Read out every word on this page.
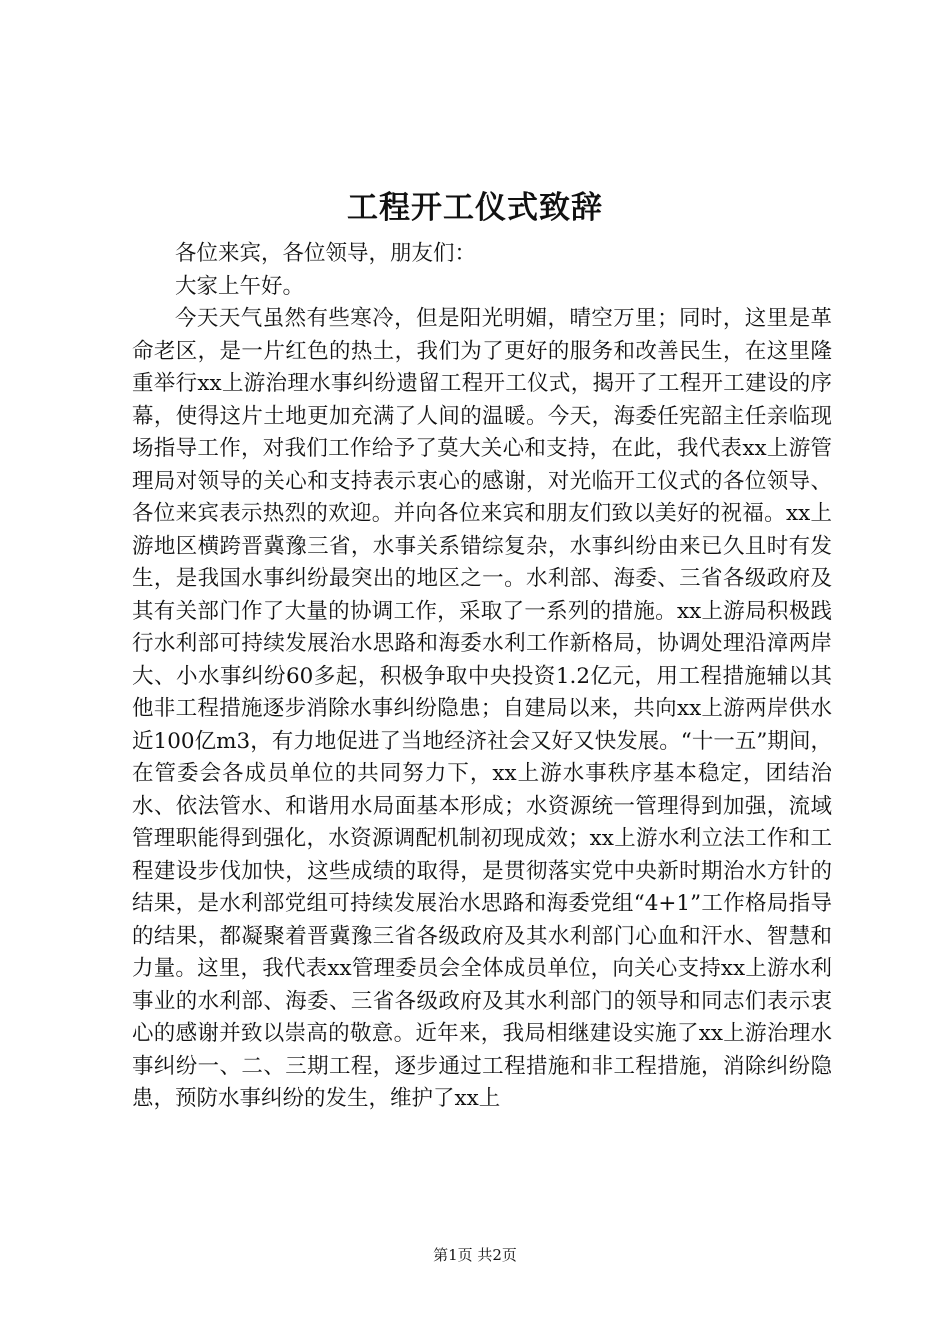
工程开工仪式致辞

各位来宾，各位领导，朋友们：

大家上午好。

今天天气虽然有些寒冷，但是阳光明媚，晴空万里；同时，这里是革命老区，是一片红色的热土，我们为了更好的服务和改善民生，在这里隆重举行xx上游治理水事纠纷遗留工程开工仪式，揭开了工程开工建设的序幕，使得这片土地更加充满了人间的温暖。今天，海委任宪韶主任亲临现场指导工作，对我们工作给予了莫大关心和支持，在此，我代表xx上游管理局对领导的关心和支持表示衷心的感谢，对光临开工仪式的各位领导、各位来宾表示热烈的欢迎。并向各位来宾和朋友们致以美好的祝福。xx上游地区横跨晋冀豫三省，水事关系错综复杂，水事纠纷由来已久且时有发生，是我国水事纠纷最突出的地区之一。水利部、海委、三省各级政府及其有关部门作了大量的协调工作，采取了一系列的措施。xx上游局积极践行水利部可持续发展治水思路和海委水利工作新格局，协调处理沿漳两岸大、小水事纠纷60多起，积极争取中央投资1.2亿元，用工程措施辅以其他非工程措施逐步消除水事纠纷隐患；自建局以来，共向xx上游两岸供水近100亿m3，有力地促进了当地经济社会又好又快发展。“十一五”期间，在管委会各成员单位的共同努力下，xx上游水事秩序基本稳定，团结治水、依法管水、和谐用水局面基本形成；水资源统一管理得到加强，流域管理职能得到强化，水资源调配机制初现成效；xx上游水利立法工作和工程建设步伐加快，这些成绩的取得，是贯彻落实党中央新时期治水方针的结果，是水利部党组可持续发展治水思路和海委党组“4+1”工作格局指导的结果，都凝聚着晋冀豫三省各级政府及其水利部门心血和汗水、智慧和力量。这里，我代表xx管理委员会全体成员单位，向关心支持xx上游水利事业的水利部、海委、三省各级政府及其水利部门的领导和同志们表示衷心的感谢并致以崇高的敬意。近年来，我局相继建设实施了xx上游治理水事纠纷一、二、三期工程，逐步通过工程措施和非工程措施，消除纠纷隐患，预防水事纠纷的发生，维护了xx上

第1页 共2页
